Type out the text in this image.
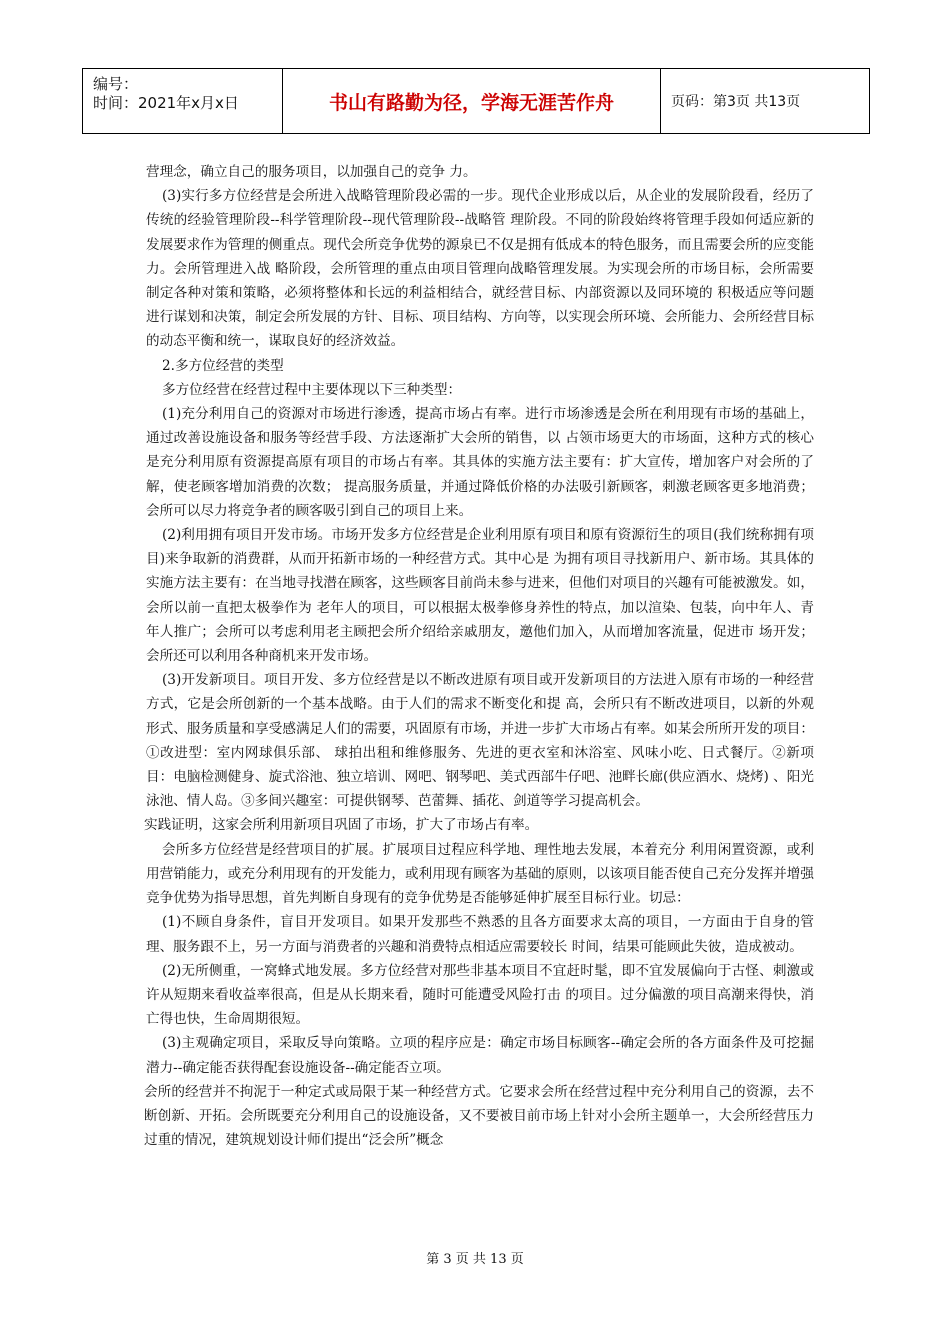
编号：
时间：2021年x月x日	书山有路勤为径，学海无涯苦作舟	页码：第3页 共13页

营理念，确立自己的服务项目，以加强自己的竞争 力。

(3)实行多方位经营是会所进入战略管理阶段必需的一步。现代企业形成以后，从企业的发展阶段看，经历了传统的经验管理阶段--科学管理阶段--现代管理阶段--战略管 理阶段。不同的阶段始终将管理手段如何适应新的发展要求作为管理的侧重点。现代会所竞争优势的源泉已不仅是拥有低成本的特色服务，而且需要会所的应变能力。会所管理进入战 略阶段，会所管理的重点由项目管理向战略管理发展。为实现会所的市场目标，会所需要制定各种对策和策略，必须将整体和长远的利益相结合，就经营目标、内部资源以及同环境的 积极适应等问题进行谋划和决策，制定会所发展的方针、目标、项目结构、方向等，以实现会所环境、会所能力、会所经营目标的动态平衡和统一，谋取良好的经济效益。

2.多方位经营的类型

多方位经营在经营过程中主要体现以下三种类型：

(1)充分利用自己的资源对市场进行渗透，提高市场占有率。进行市场渗透是会所在利用现有市场的基础上，通过改善设施设备和服务等经营手段、方法逐渐扩大会所的销售，以 占领市场更大的市场面，这种方式的核心是充分利用原有资源提高原有项目的市场占有率。其具体的实施方法主要有：扩大宣传，增加客户对会所的了解，使老顾客增加消费的次数； 提高服务质量，并通过降低价格的办法吸引新顾客，刺激老顾客更多地消费；会所可以尽力将竞争者的顾客吸引到自己的项目上来。

(2)利用拥有项目开发市场。市场开发多方位经营是企业利用原有项目和原有资源衍生的项目(我们统称拥有项目)来争取新的消费群，从而开拓新市场的一种经营方式。其中心是 为拥有项目寻找新用户、新市场。其具体的实施方法主要有：在当地寻找潜在顾客，这些顾客目前尚未参与进来，但他们对项目的兴趣有可能被激发。如，会所以前一直把太极拳作为 老年人的项目，可以根据太极拳修身养性的特点，加以渲染、包装，向中年人、青年人推广；会所可以考虑利用老主顾把会所介绍给亲戚朋友，邀他们加入，从而增加客流量，促进市 场开发；会所还可以利用各种商机来开发市场。

(3)开发新项目。项目开发、多方位经营是以不断改进原有项目或开发新项目的方法进入原有市场的一种经营方式，它是会所创新的一个基本战略。由于人们的需求不断变化和提 高，会所只有不断改进项目，以新的外观形式、服务质量和享受感满足人们的需要，巩固原有市场，并进一步扩大市场占有率。如某会所所开发的项目：①改进型：室内网球俱乐部、 球拍出租和维修服务、先进的更衣室和沐浴室、风味小吃、日式餐厅。②新项目：电脑检测健身、旋式浴池、独立培训、网吧、钢琴吧、美式西部牛仔吧、池畔长廊(供应酒水、烧烤) 、阳光泳池、情人岛。③多间兴趣室：可提供钢琴、芭蕾舞、插花、剑道等学习提高机会。

实践证明，这家会所利用新项目巩固了市场，扩大了市场占有率。

会所多方位经营是经营项目的扩展。扩展项目过程应科学地、理性地去发展，本着充分 利用闲置资源，或利用营销能力，或充分利用现有的开发能力，或利用现有顾客为基础的原则，以该项目能否使自己充分发挥并增强竞争优势为指导思想，首先判断自身现有的竞争优势是否能够延伸扩展至目标行业。切忌：

(1)不顾自身条件，盲目开发项目。如果开发那些不熟悉的且各方面要求太高的项目，一方面由于自身的管理、服务跟不上，另一方面与消费者的兴趣和消费特点相适应需要较长 时间，结果可能顾此失彼，造成被动。

(2)无所侧重，一窝蜂式地发展。多方位经营对那些非基本项目不宜赶时髦，即不宜发展偏向于古怪、刺激或许从短期来看收益率很高，但是从长期来看，随时可能遭受风险打击 的项目。过分偏激的项目高潮来得快，消亡得也快，生命周期很短。

(3)主观确定项目，采取反导向策略。立项的程序应是：确定市场目标顾客--确定会所的各方面条件及可挖掘潜力--确定能否获得配套设施设备--确定能否立项。

会所的经营并不拘泥于一种定式或局限于某一种经营方式。它要求会所在经营过程中充分利用自己的资源，去不断创新、开拓。会所既要充分利用自己的设施设备，又不要被目前市场上针对小会所主题单一，大会所经营压力过重的情况，建筑规划设计师们提出“泛会所”概念

第 3 页 共 13 页
